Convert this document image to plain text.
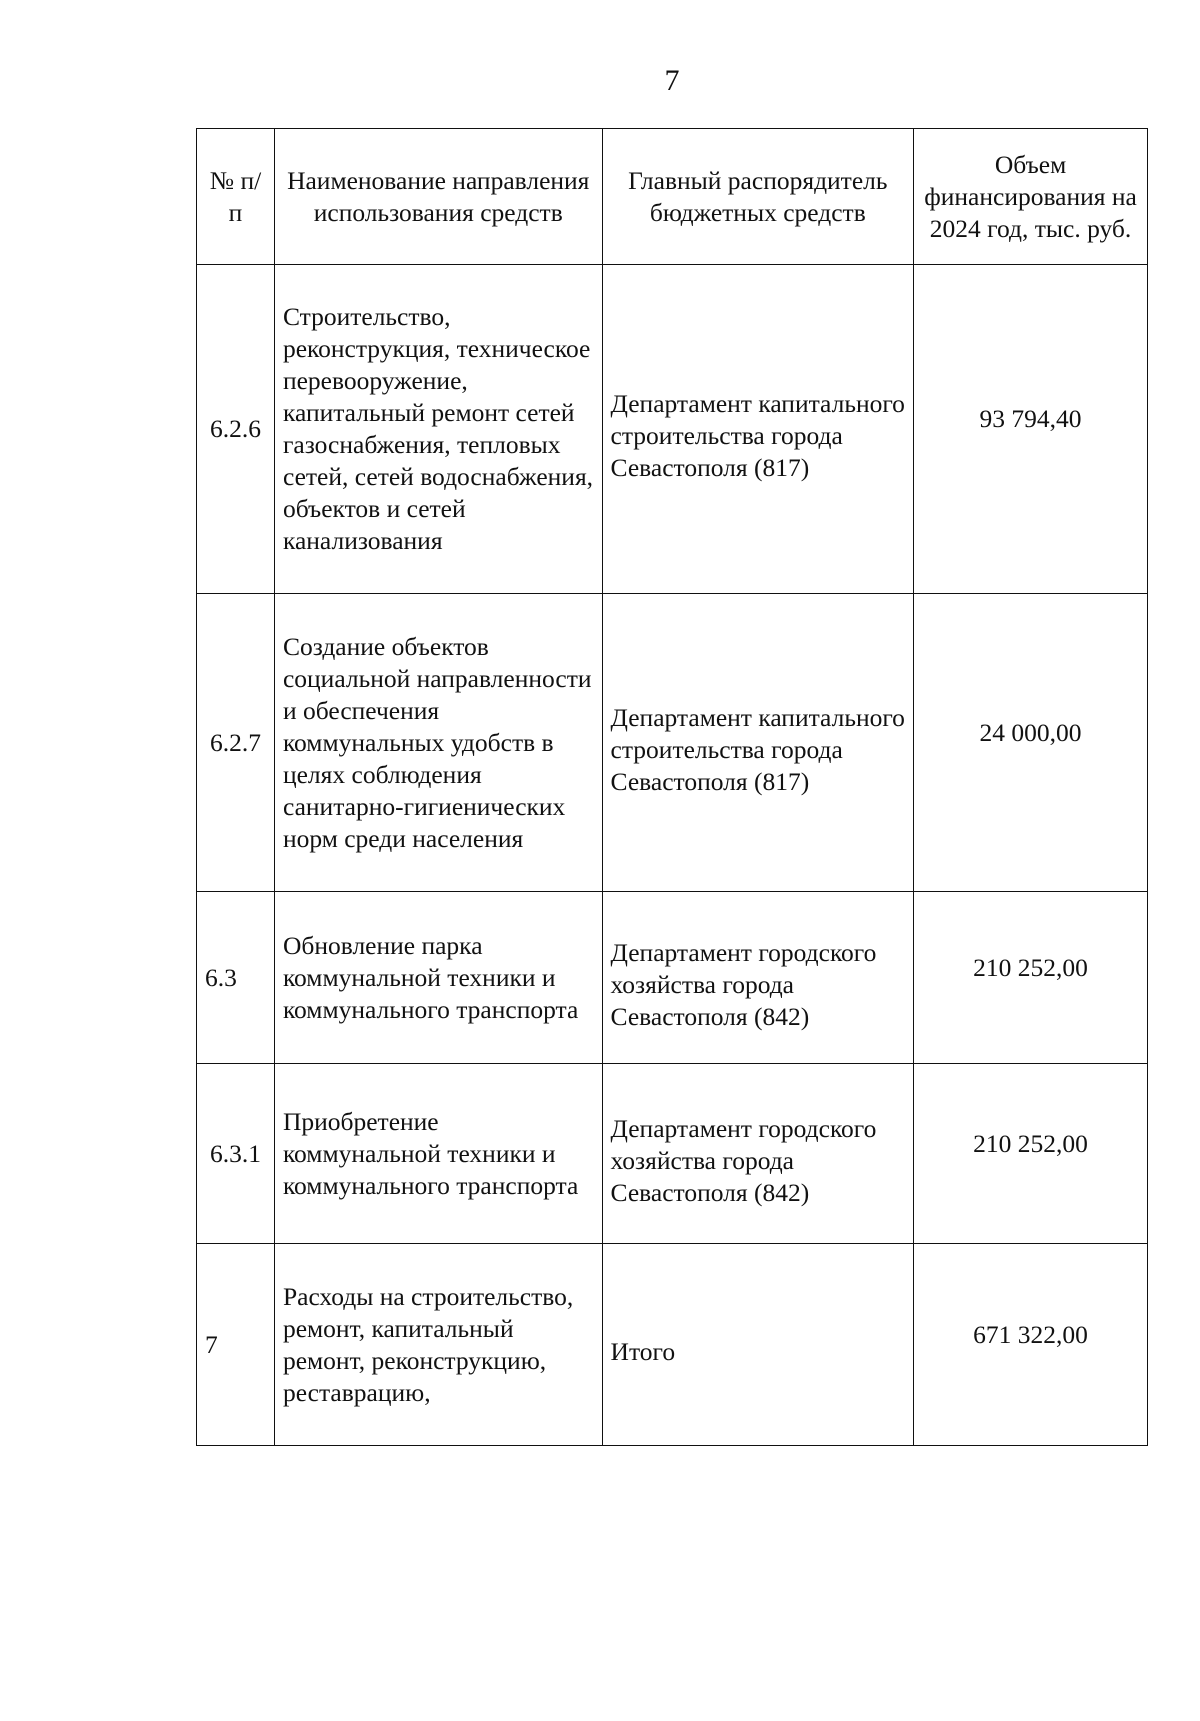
7
№ п/п	Наименование направления использования средств	Главный распорядитель бюджетных средств	Объем финансирования на 2024 год, тыс. руб.
6.2.6	Строительство, реконструкция, техническое перевооружение, капитальный ремонт сетей газоснабжения, тепловых сетей, сетей водоснабжения, объектов и сетей канализования	Департамент капитального строительства города Севастополя (817)	93 794,40
6.2.7	Создание объектов социальной направленности и обеспечения коммунальных удобств в целях соблюдения санитарно-гигиенических норм среди населения	Департамент капитального строительства города Севастополя (817)	24 000,00
6.3	Обновление парка коммунальной техники и коммунального транспорта	Департамент городского хозяйства города Севастополя (842)	210 252,00
6.3.1	Приобретение коммунальной техники и коммунального транспорта	Департамент городского хозяйства города Севастополя (842)	210 252,00
7	Расходы на строительство, ремонт, капитальный ремонт, реконструкцию, реставрацию,	Итого	671 322,00
